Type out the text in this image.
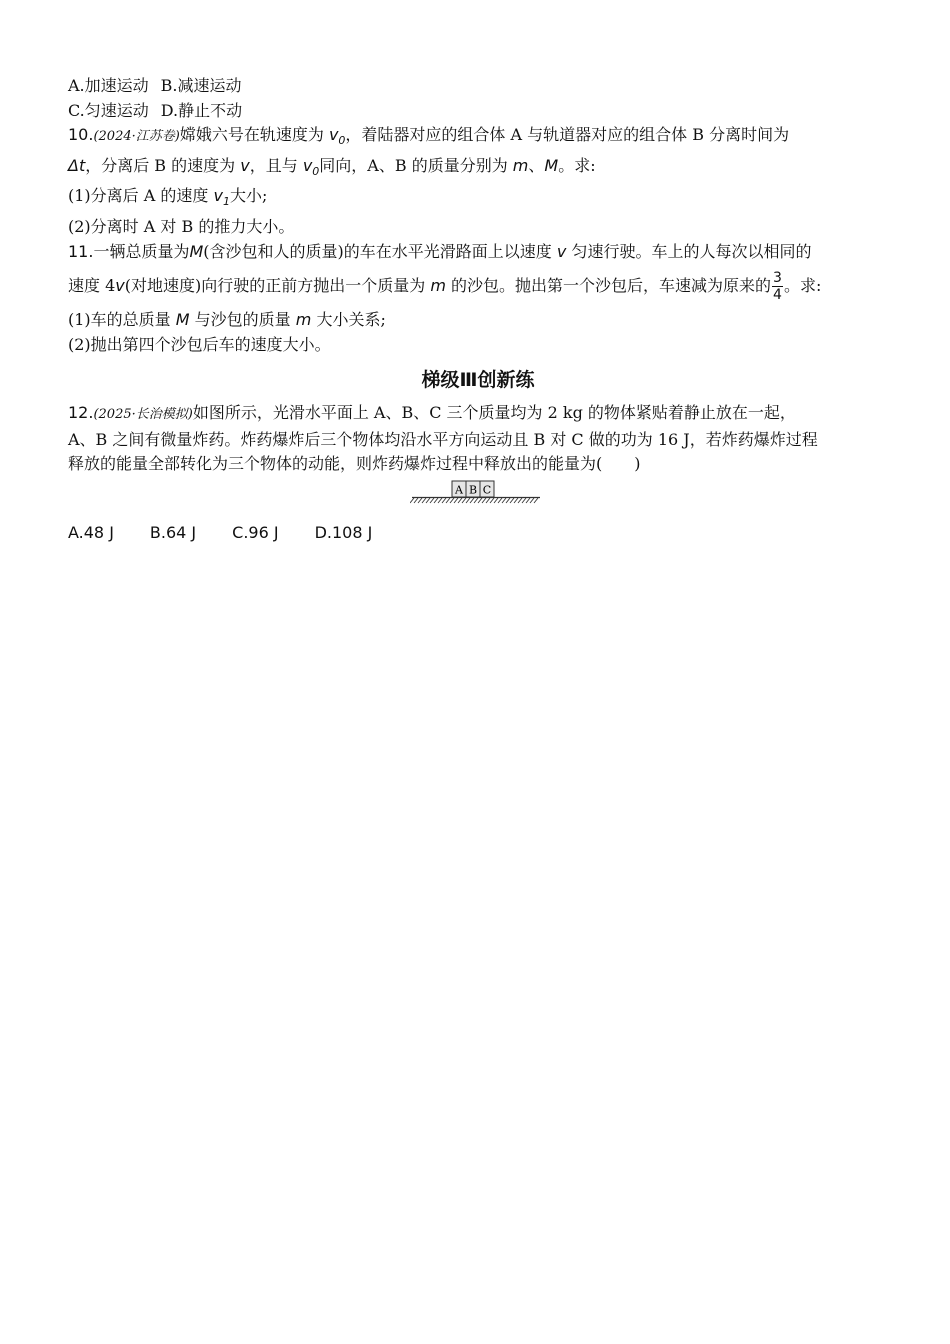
A.加速运动 B.减速运动
C.匀速运动 D.静止不动
10.(2024·江苏卷)嫦娥六号在轨速度为 $v_0$，着陆器对应的组合体 A 与轨道器对应的组合体 B 分离时间为
Δt，分离后 B 的速度为 v，且与 $v_0$同向，A、B 的质量分别为 m、M。求:
(1)分离后 A 的速度 $v_1$大小;
(2)分离时 A 对 B 的推力大小。
11.一辆总质量为M(含沙包和人的质量)的车在水平光滑路面上以速度 v 匀速行驶。车上的人每次以相同的
速度 4v(对地速度)向行驶的正前方抛出一个质量为 m 的沙包。抛出第一个沙包后，车速减为原来的 $\frac{3}{4}$ 。求:
(1)车的总质量 M 与沙包的质量 m 大小关系;
(2)抛出第四个沙包后车的速度大小。
梯级Ⅲ创新练
12.(2025·长治模拟)如图所示，光滑水平面上 A、B、C 三个质量均为 2 kg 的物体紧贴着静止放在一起，
A、B 之间有微量炸药。炸药爆炸后三个物体均沿水平方向运动且 B 对 C 做的功为 16 J，若炸药爆炸过程
释放的能量全部转化为三个物体的动能，则炸药爆炸过程中释放出的能量为(　　)
A B C
A.48 J B.64 J C.96 J D.108 J
